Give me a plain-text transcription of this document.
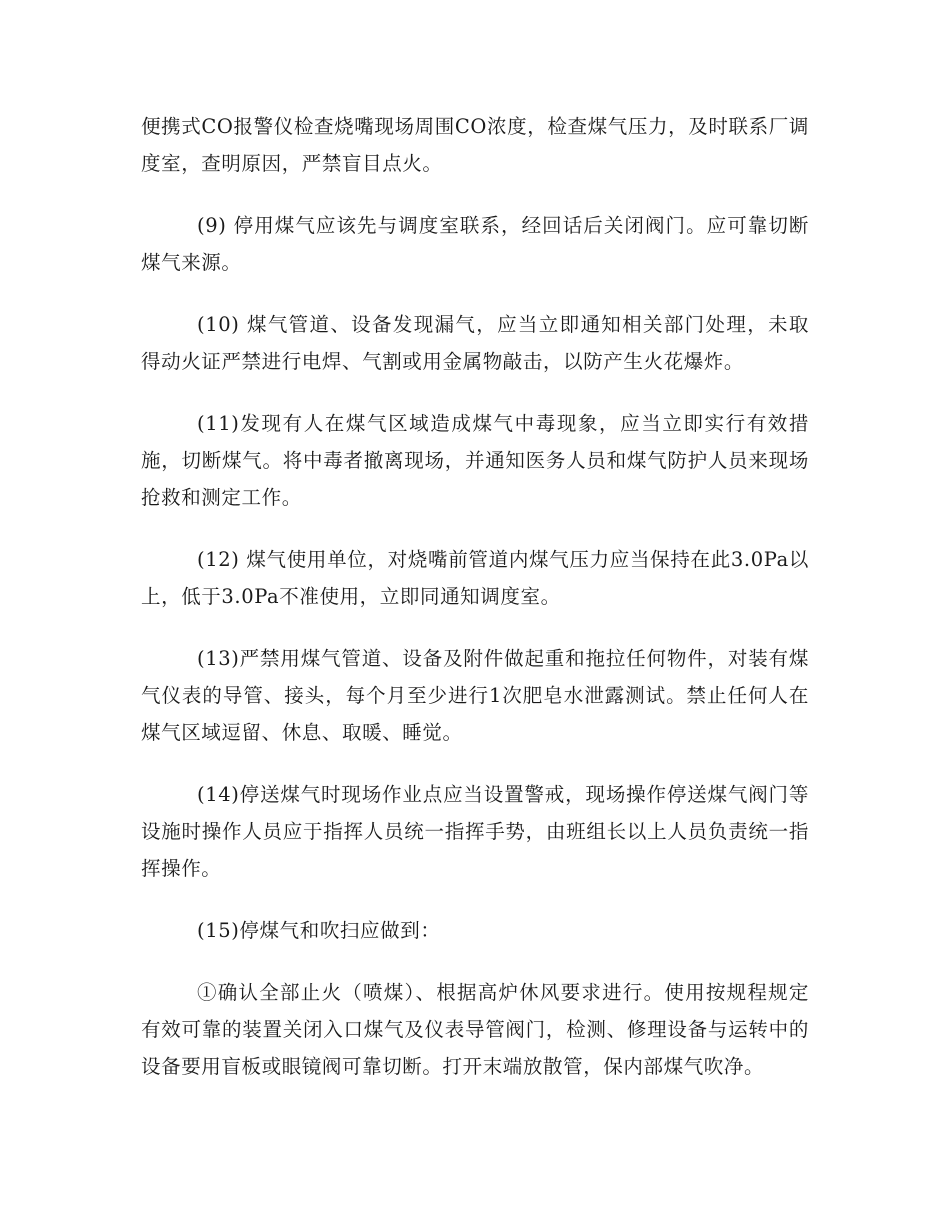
便携式CO报警仪检查烧嘴现场周围CO浓度，检查煤气压力，及时联系厂调度室，查明原因，严禁盲目点火。

(9) 停用煤气应该先与调度室联系，经回话后关闭阀门。应可靠切断煤气来源。

(10) 煤气管道、设备发现漏气，应当立即通知相关部门处理，未取得动火证严禁进行电焊、气割或用金属物敲击，以防产生火花爆炸。

(11)发现有人在煤气区域造成煤气中毒现象，应当立即实行有效措施，切断煤气。将中毒者撤离现场，并通知医务人员和煤气防护人员来现场抢救和测定工作。

(12) 煤气使用单位，对烧嘴前管道内煤气压力应当保持在此3.0Pa以上，低于3.0Pa不准使用，立即同通知调度室。

(13)严禁用煤气管道、设备及附件做起重和拖拉任何物件，对装有煤气仪表的导管、接头，每个月至少进行1次肥皂水泄露测试。禁止任何人在煤气区域逗留、休息、取暖、睡觉。

(14)停送煤气时现场作业点应当设置警戒，现场操作停送煤气阀门等设施时操作人员应于指挥人员统一指挥手势，由班组长以上人员负责统一指挥操作。

(15)停煤气和吹扫应做到：

①确认全部止火（喷煤）、根据高炉休风要求进行。使用按规程规定有效可靠的装置关闭入口煤气及仪表导管阀门，检测、修理设备与运转中的设备要用盲板或眼镜阀可靠切断。打开末端放散管，保内部煤气吹净。
